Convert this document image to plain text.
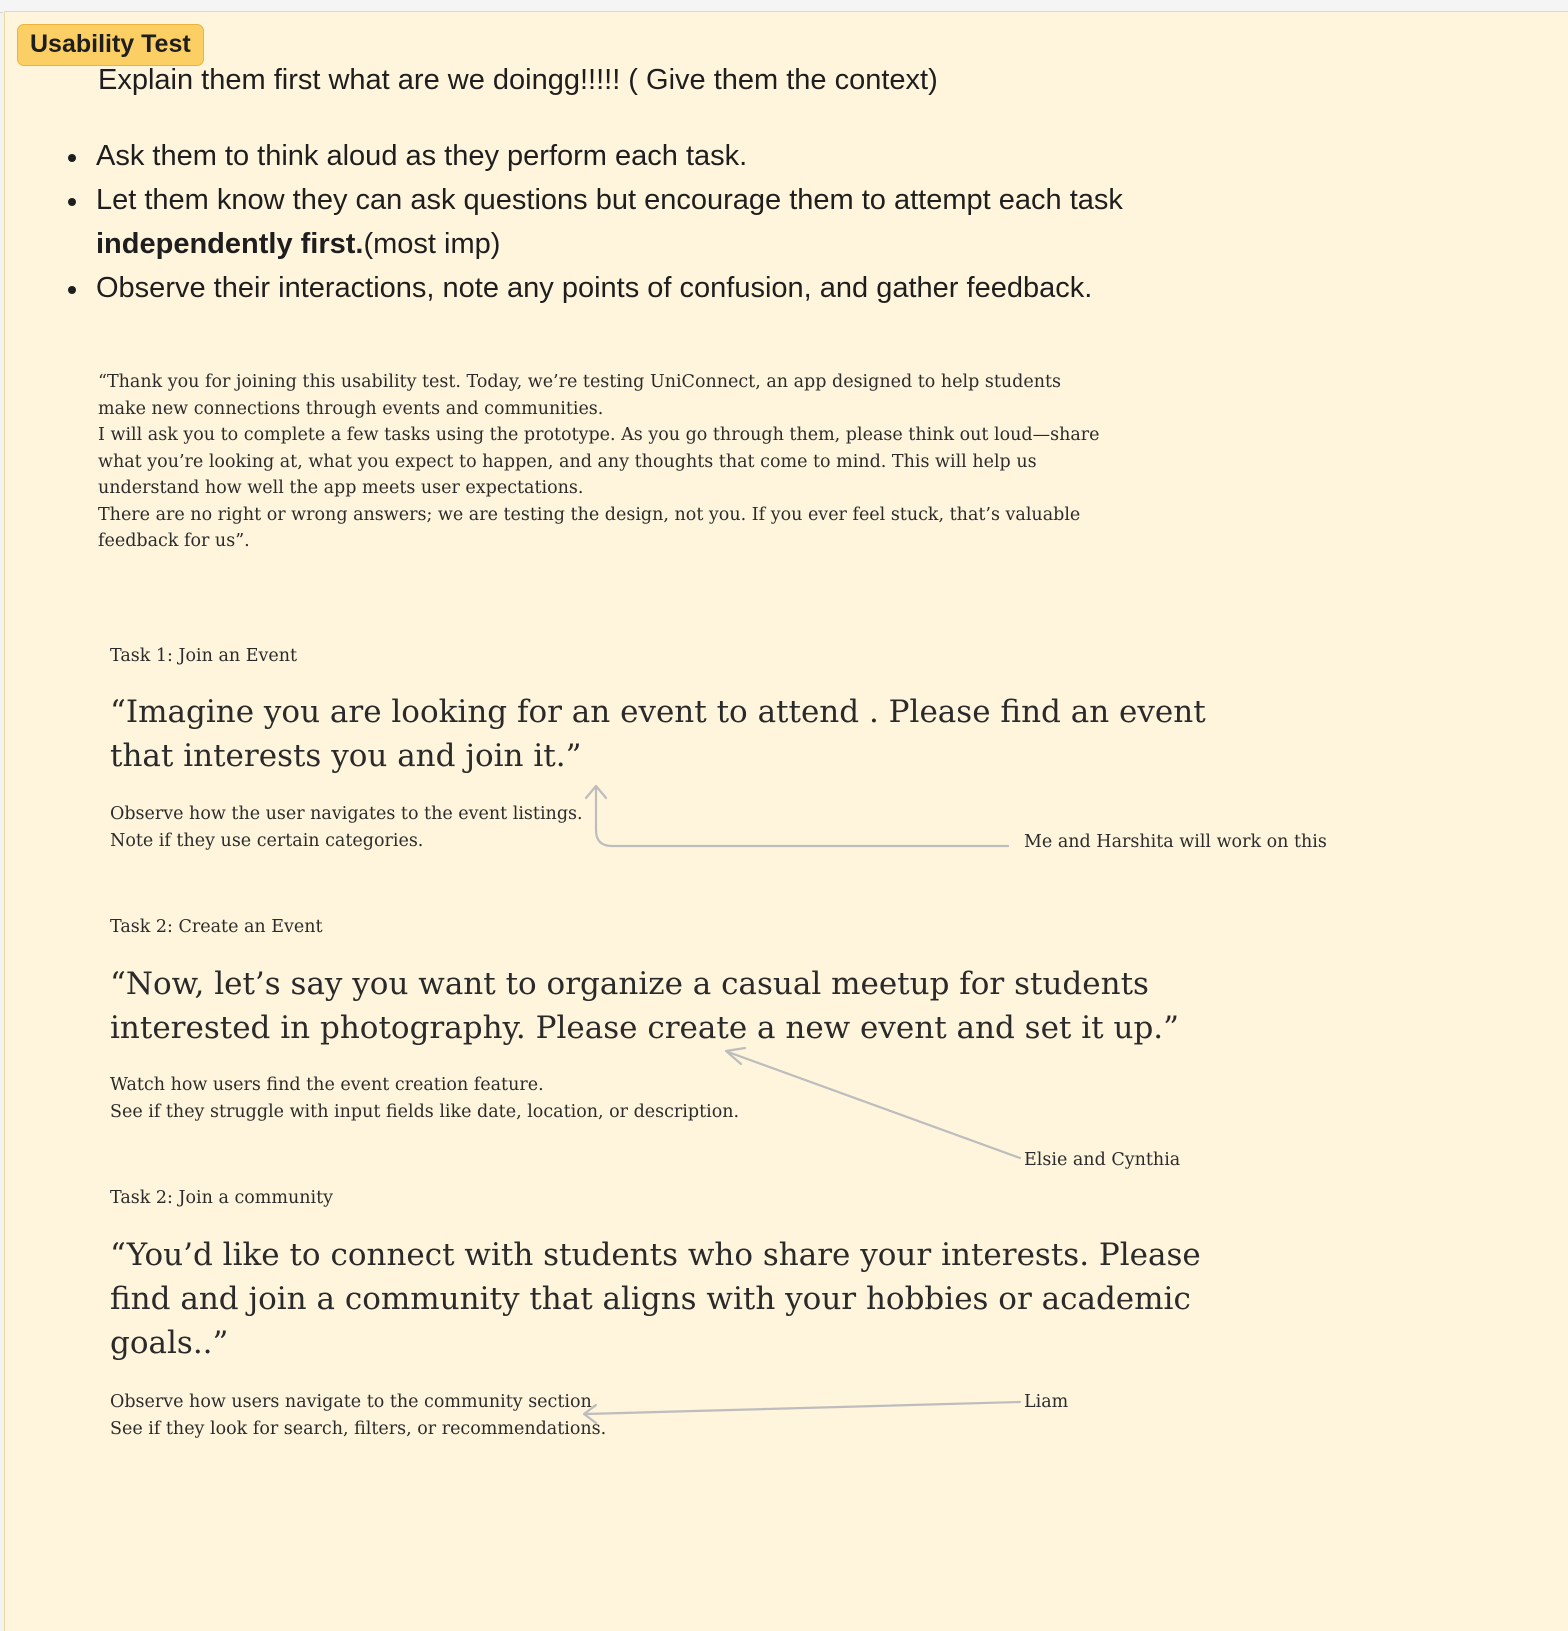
Usability Test
Explain them first what are we doingg!!!!! ( Give them the context)
Ask them to think aloud as they perform each task.
Let them know they can ask questions but encourage them to attempt each task
independently first.(most imp)
Observe their interactions, note any points of confusion, and gather feedback.

“Thank you for joining this usability test. Today, we’re testing UniConnect, an app designed to help students

make new connections through events and communities.

I will ask you to complete a few tasks using the prototype. As you go through them, please think out loud—share

what you’re looking at, what you expect to happen, and any thoughts that come to mind. This will help us

understand how well the app meets user expectations.

There are no right or wrong answers; we are testing the design, not you. If you ever feel stuck, that’s valuable

feedback for us”.

Task 1: Join an Event
“Imagine you are looking for an event to attend . Please find an event
that interests you and join it.”

Observe how the user navigates to the event listings.

Note if they use certain categories.	Me and Harshita will work on this
Task 2: Create an Event
“Now, let’s say you want to organize a casual meetup for students
interested in photography. Please create a new event and set it up.”

Watch how users find the event creation feature.

See if they struggle with input fields like date, location, or description.

Elsie and Cynthia
Task 2: Join a community
“You’d like to connect with students who share your interests. Please
find and join a community that aligns with your hobbies or academic
goals..”

Observe how users navigate to the community section.

See if they look for search, filters, or recommendations.

Liam
